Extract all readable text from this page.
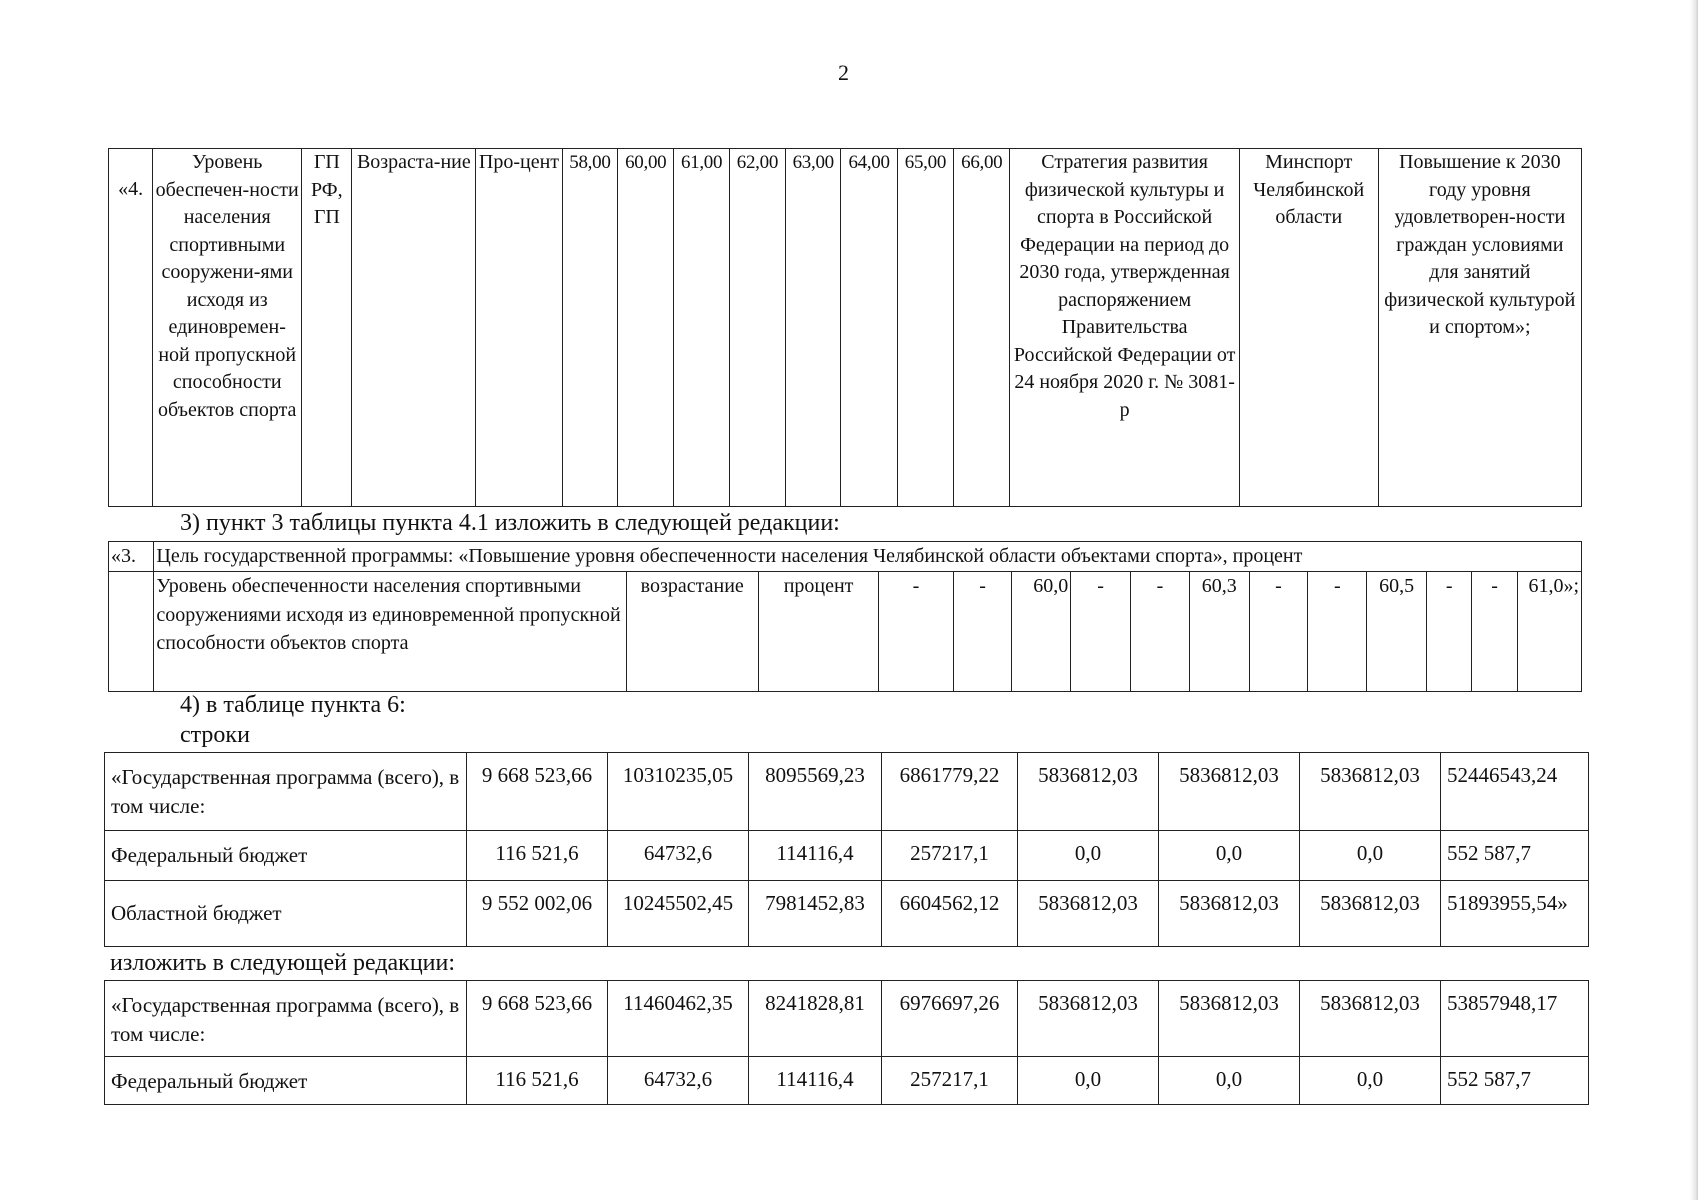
2
«4.	Уровень обеспечен-ности населения спортивными сооружени-ями исходя из единовремен-ной пропускной способности объектов спорта	ГП РФ, ГП	Возраста-ние	Про-цент	58,00	60,00	61,00	62,00	63,00	64,00	65,00	66,00	Стратегия развития физической культуры и спорта в Российской Федерации на период до 2030 года, утвержденная распоряжением Правительства Российской Федерации от 24 ноября 2020 г. № 3081-р	Минспорт Челябинской области	Повышение к 2030 году уровня удовлетворен-ности граждан условиями для занятий физической культурой и спортом»;
3) пункт 3 таблицы пункта 4.1 изложить в следующей редакции:
«3.	Цель государственной программы: «Повышение уровня обеспеченности населения Челябинской области объектами спорта», процент														
	Уровень обеспеченности населения спортивными сооружениями исходя из единовременной пропускной способности объектов спорта	возрастание	процент	-	-	60,0	-	-	60,3	-	-	60,5	-	-	61,0»;
4) в таблице пункта 6:
строки
«Государственная программа (всего), в том числе:	9 668 523,66	10310235,05	8095569,23	6861779,22	5836812,03	5836812,03	5836812,03	52446543,24
Федеральный бюджет	116 521,6	64732,6	114116,4	257217,1	0,0	0,0	0,0	552 587,7
Областной бюджет	9 552 002,06	10245502,45	7981452,83	6604562,12	5836812,03	5836812,03	5836812,03	51893955,54»
изложить в следующей редакции:
«Государственная программа (всего), в том числе:	9 668 523,66	11460462,35	8241828,81	6976697,26	5836812,03	5836812,03	5836812,03	53857948,17
Федеральный бюджет	116 521,6	64732,6	114116,4	257217,1	0,0	0,0	0,0	552 587,7
